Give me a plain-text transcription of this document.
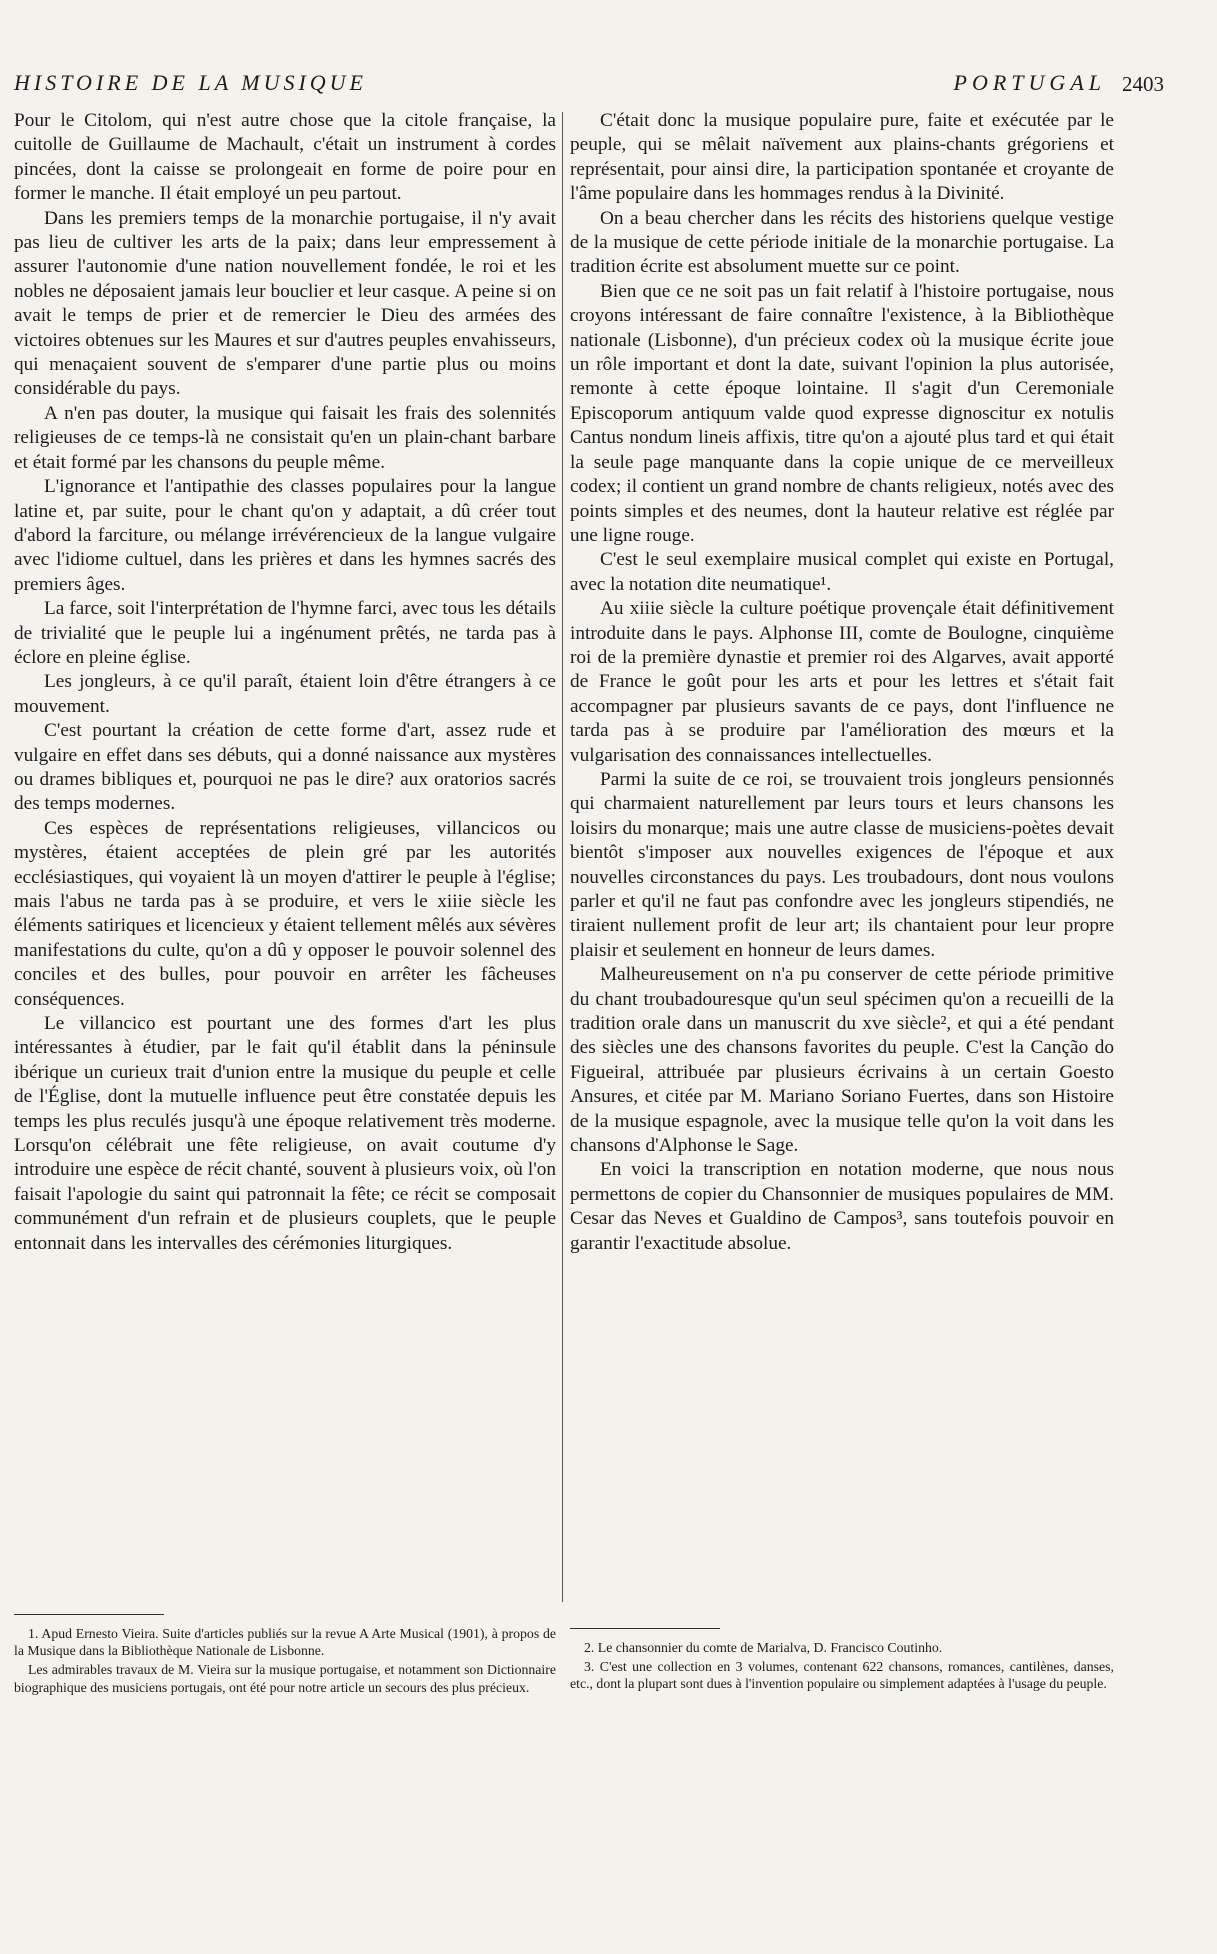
HISTOIRE DE LA MUSIQUE	PORTUGAL 2403

Pour le Citolom, qui n'est autre chose que la citole française, la cuitolle de Guillaume de Machault, c'était un instrument à cordes pincées, dont la caisse se prolongeait en forme de poire pour en former le manche. Il était employé un peu partout.

Dans les premiers temps de la monarchie portugaise, il n'y avait pas lieu de cultiver les arts de la paix; dans leur empressement à assurer l'autonomie d'une nation nouvellement fondée, le roi et les nobles ne déposaient jamais leur bouclier et leur casque. A peine si on avait le temps de prier et de remercier le Dieu des armées des victoires obtenues sur les Maures et sur d'autres peuples envahisseurs, qui menaçaient souvent de s'emparer d'une partie plus ou moins considérable du pays.

A n'en pas douter, la musique qui faisait les frais des solennités religieuses de ce temps-là ne consistait qu'en un plain-chant barbare et était formé par les chansons du peuple même.

L'ignorance et l'antipathie des classes populaires pour la langue latine et, par suite, pour le chant qu'on y adaptait, a dû créer tout d'abord la farciture, ou mélange irrévérencieux de la langue vulgaire avec l'idiome cultuel, dans les prières et dans les hymnes sacrés des premiers âges.

La farce, soit l'interprétation de l'hymne farci, avec tous les détails de trivialité que le peuple lui a ingénument prêtés, ne tarda pas à éclore en pleine église.

Les jongleurs, à ce qu'il paraît, étaient loin d'être étrangers à ce mouvement.

C'est pourtant la création de cette forme d'art, assez rude et vulgaire en effet dans ses débuts, qui a donné naissance aux mystères ou drames bibliques et, pourquoi ne pas le dire? aux oratorios sacrés des temps modernes.

Ces espèces de représentations religieuses, villancicos ou mystères, étaient acceptées de plein gré par les autorités ecclésiastiques, qui voyaient là un moyen d'attirer le peuple à l'église; mais l'abus ne tarda pas à se produire, et vers le xiiie siècle les éléments satiriques et licencieux y étaient tellement mêlés aux sévères manifestations du culte, qu'on a dû y opposer le pouvoir solennel des conciles et des bulles, pour pouvoir en arrêter les fâcheuses conséquences.

Le villancico est pourtant une des formes d'art les plus intéressantes à étudier, par le fait qu'il établit dans la péninsule ibérique un curieux trait d'union entre la musique du peuple et celle de l'Église, dont la mutuelle influence peut être constatée depuis les temps les plus reculés jusqu'à une époque relativement très moderne. Lorsqu'on célébrait une fête religieuse, on avait coutume d'y introduire une espèce de récit chanté, souvent à plusieurs voix, où l'on faisait l'apologie du saint qui patronnait la fête; ce récit se composait communément d'un refrain et de plusieurs couplets, que le peuple entonnait dans les intervalles des cérémonies liturgiques.

1. Apud Ernesto Vieira. Suite d'articles publiés sur la revue A Arte Musical (1901), à propos de la Musique dans la Bibliothèque Nationale de Lisbonne.

Les admirables travaux de M. Vieira sur la musique portugaise, et notamment son Dictionnaire biographique des musiciens portugais, ont été pour notre article un secours des plus précieux.

C'était donc la musique populaire pure, faite et exécutée par le peuple, qui se mêlait naïvement aux plains-chants grégoriens et représentait, pour ainsi dire, la participation spontanée et croyante de l'âme populaire dans les hommages rendus à la Divinité.

On a beau chercher dans les récits des historiens quelque vestige de la musique de cette période initiale de la monarchie portugaise. La tradition écrite est absolument muette sur ce point.

Bien que ce ne soit pas un fait relatif à l'histoire portugaise, nous croyons intéressant de faire connaître l'existence, à la Bibliothèque nationale (Lisbonne), d'un précieux codex où la musique écrite joue un rôle important et dont la date, suivant l'opinion la plus autorisée, remonte à cette époque lointaine. Il s'agit d'un Ceremoniale Episcoporum antiquum valde quod expresse dignoscitur ex notulis Cantus nondum lineis affixis, titre qu'on a ajouté plus tard et qui était la seule page manquante dans la copie unique de ce merveilleux codex; il contient un grand nombre de chants religieux, notés avec des points simples et des neumes, dont la hauteur relative est réglée par une ligne rouge.

C'est le seul exemplaire musical complet qui existe en Portugal, avec la notation dite neumatique¹.

Au xiiie siècle la culture poétique provençale était définitivement introduite dans le pays. Alphonse III, comte de Boulogne, cinquième roi de la première dynastie et premier roi des Algarves, avait apporté de France le goût pour les arts et pour les lettres et s'était fait accompagner par plusieurs savants de ce pays, dont l'influence ne tarda pas à se produire par l'amélioration des mœurs et la vulgarisation des connaissances intellectuelles.

Parmi la suite de ce roi, se trouvaient trois jongleurs pensionnés qui charmaient naturellement par leurs tours et leurs chansons les loisirs du monarque; mais une autre classe de musiciens-poètes devait bientôt s'imposer aux nouvelles exigences de l'époque et aux nouvelles circonstances du pays. Les troubadours, dont nous voulons parler et qu'il ne faut pas confondre avec les jongleurs stipendiés, ne tiraient nullement profit de leur art; ils chantaient pour leur propre plaisir et seulement en honneur de leurs dames.

Malheureusement on n'a pu conserver de cette période primitive du chant troubadouresque qu'un seul spécimen qu'on a recueilli de la tradition orale dans un manuscrit du xve siècle², et qui a été pendant des siècles une des chansons favorites du peuple. C'est la Canção do Figueiral, attribuée par plusieurs écrivains à un certain Goesto Ansures, et citée par M. Mariano Soriano Fuertes, dans son Histoire de la musique espagnole, avec la musique telle qu'on la voit dans les chansons d'Alphonse le Sage.

En voici la transcription en notation moderne, que nous nous permettons de copier du Chansonnier de musiques populaires de MM. Cesar das Neves et Gualdino de Campos³, sans toutefois pouvoir en garantir l'exactitude absolue.

2. Le chansonnier du comte de Marialva, D. Francisco Coutinho.

3. C'est une collection en 3 volumes, contenant 622 chansons, romances, cantilènes, danses, etc., dont la plupart sont dues à l'invention populaire ou simplement adaptées à l'usage du peuple.
